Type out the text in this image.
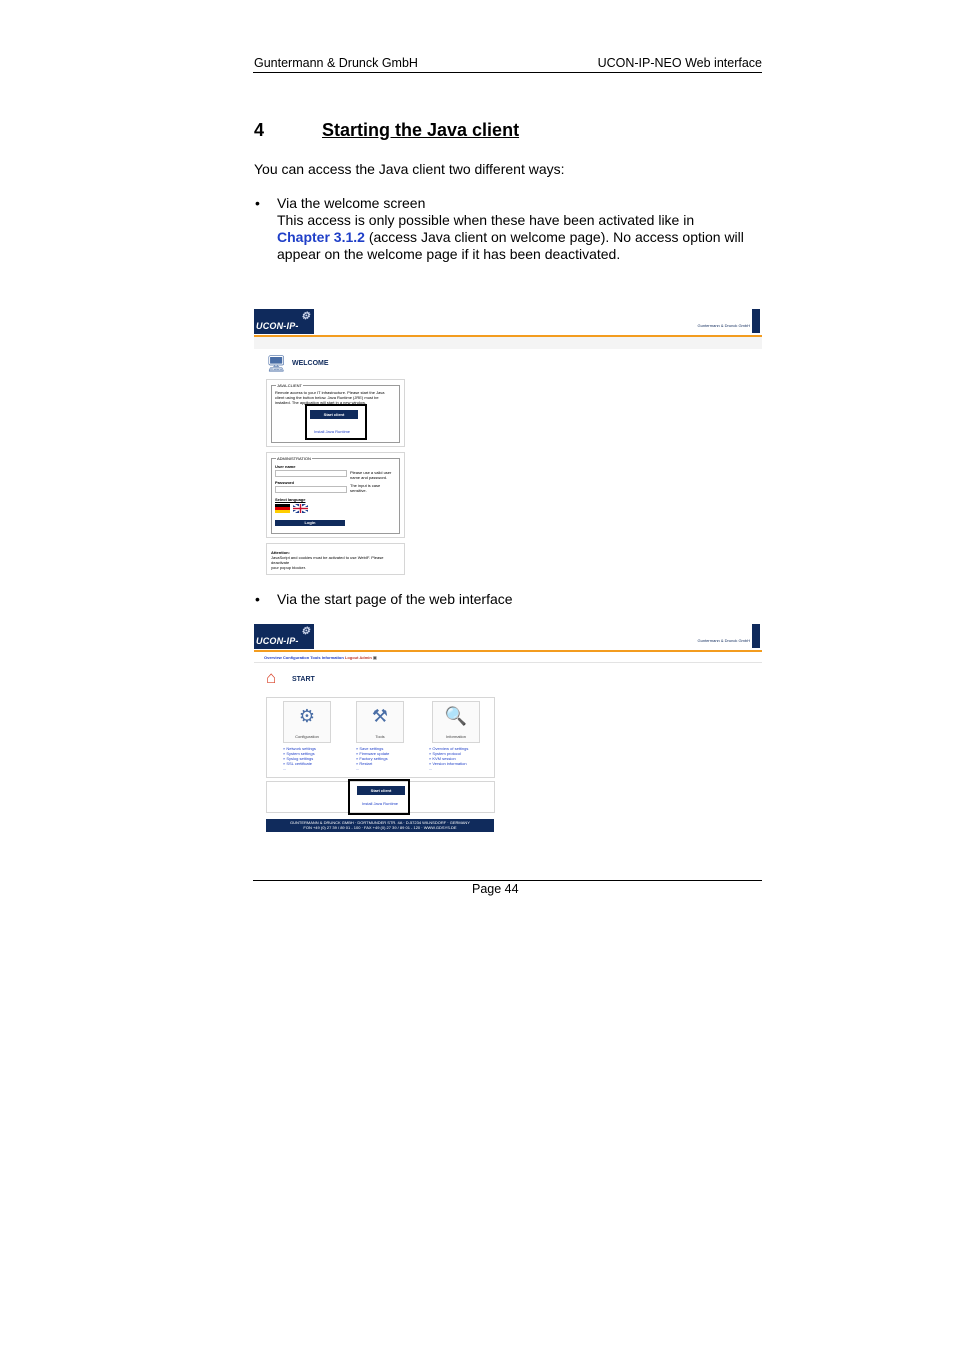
Guntermann & Drunck GmbH	UCON-IP-NEO Web interface
4	Starting the Java client
You can access the Java client two different ways:
• Via the welcome screen
This access is only possible when these have been activated like in
Chapter 3.1.2 (access Java client on welcome page). No access option will
appear on the welcome page if it has been deactivated.
⚙
UCON-IP-	Guntermann & Drunck GmbH
🖥 WELCOME
JAVA-CLIENT
Remote access to your IT infrastructure. Please start the Java
client using the button below. Java Runtime (JRE) must be
installed. The application will start in a new window.
Start client
Install Java Runtime
ADMINISTRATION
User name
Password
Please use a valid user
name and password.
The input is case
sensitive.
Select language
Login
Attention:
JavaScript and cookies must be activated to use WebIF. Please deactivate
your popup blocker.
• Via the start page of the web interface
⚙
UCON-IP-	Guntermann & Drunck GmbH
Overview Configuration Tools Information Logout Admin ▣
⌂ START
⚙
Configuration
⚒
Tools
🔍
Information
» Network settings
» System settings
» Syslog settings
» SSL certificate
...
» Save settings
» Firmware update
» Factory settings
» Restart
...
» Overview of settings
» System protocol
» KVM session
» Version information
...
Start client
Install Java Runtime
GUNTERMANN & DRUNCK GMBH · DORTMUNDER STR. 4A · D-57234 WILNSDORF · GERMANY
FON +49 (0) 27 39 / 89 01 - 100 · FAX +49 (0) 27 39 / 89 01 - 120 · WWW.GDSYS.DE
Page 44
